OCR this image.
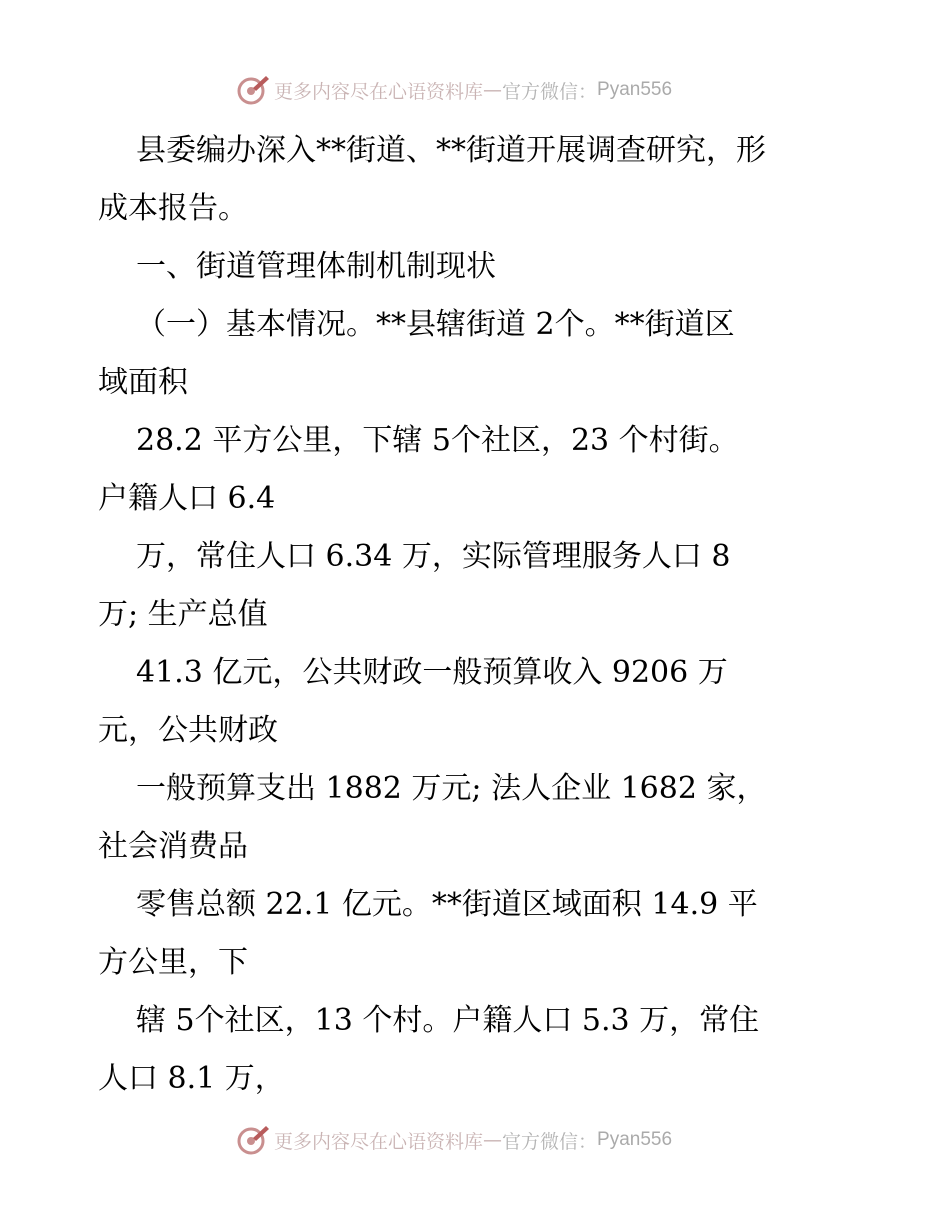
更多内容尽在心语资料库 — 官方微信： Pyan556
县委编办深入**街道、**街道开展调查研究，形
成本报告。
一、街道管理体制机制现状
（一）基本情况。**县辖街道 2个。**街道区
域面积
28.2 平方公里，下辖 5个社区，23 个村街。
户籍人口 6.4
万，常住人口 6.34 万，实际管理服务人口 8
万; 生产总值
41.3 亿元，公共财政一般预算收入 9206 万
元，公共财政
一般预算支出 1882 万元; 法人企业 1682 家，
社会消费品
零售总额 22.1 亿元。**街道区域面积 14.9 平
方公里，下
辖 5个社区，13 个村。户籍人口 5.3 万，常住
人口 8.1 万，
更多内容尽在心语资料库 — 官方微信： Pyan556
